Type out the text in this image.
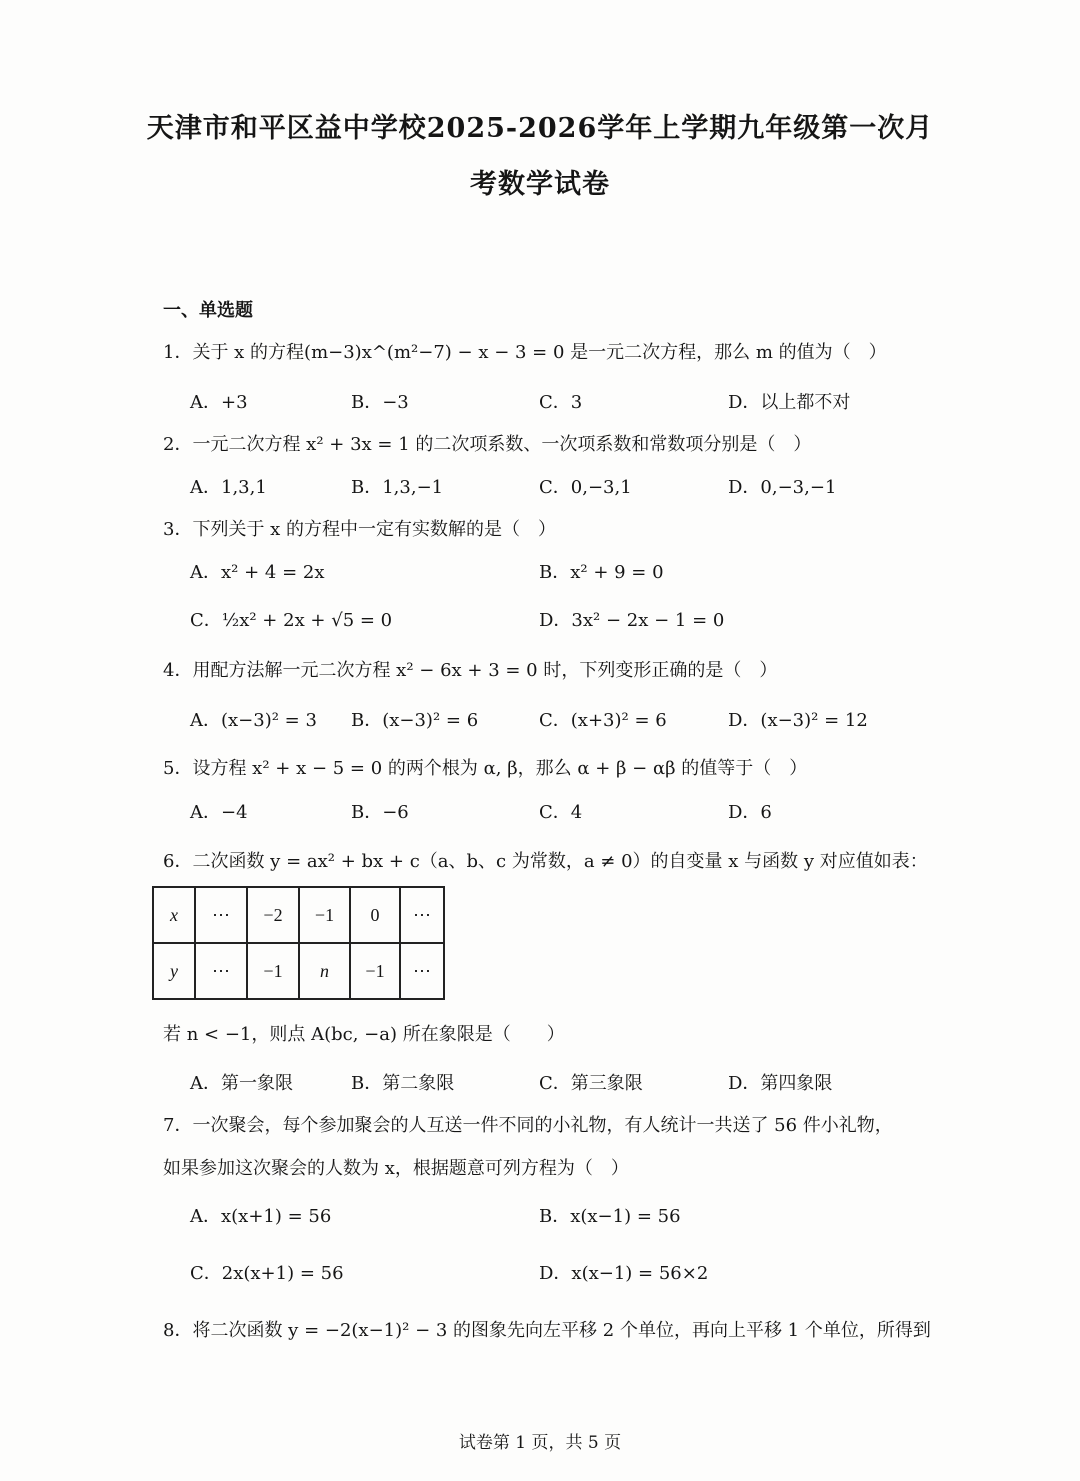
天津市和平区益中学校2025-2026学年上学期九年级第一次月
考数学试卷
一、单选题
1．关于 x 的方程(m−3)x^(m²−7) − x − 3 = 0 是一元二次方程，那么 m 的值为（　）
A．+3	B．−3	C．3	D．以上都不对
2．一元二次方程 x² + 3x = 1 的二次项系数、一次项系数和常数项分别是（　）
A．1,3,1	B．1,3,−1	C．0,−3,1	D．0,−3,−1
3．下列关于 x 的方程中一定有实数解的是（　）
A．x² + 4 = 2x	B．x² + 9 = 0
C．½x² + 2x + √5 = 0	D．3x² − 2x − 1 = 0
4．用配方法解一元二次方程 x² − 6x + 3 = 0 时，下列变形正确的是（　）
A．(x−3)² = 3 B．(x−3)² = 6	C．(x+3)² = 6	D．(x−3)² = 12
5．设方程 x² + x − 5 = 0 的两个根为 α, β，那么 α + β − αβ 的值等于（　）
A．−4	B．−6	C．4	D．6
6．二次函数 y = ax² + bx + c（a、b、c 为常数，a ≠ 0）的自变量 x 与函数 y 对应值如表：
x	⋯	−2	−1	0	⋯
y	⋯	−1	n	−1	⋯
若 n < −1，则点 A(bc, −a) 所在象限是（　　）
A．第一象限	B．第二象限	C．第三象限	D．第四象限
7．一次聚会，每个参加聚会的人互送一件不同的小礼物，有人统计一共送了 56 件小礼物，
如果参加这次聚会的人数为 x，根据题意可列方程为（　）
A．x(x+1) = 56	B．x(x−1) = 56
C．2x(x+1) = 56	D．x(x−1) = 56×2
8．将二次函数 y = −2(x−1)² − 3 的图象先向左平移 2 个单位，再向上平移 1 个单位，所得到
试卷第 1 页，共 5 页
